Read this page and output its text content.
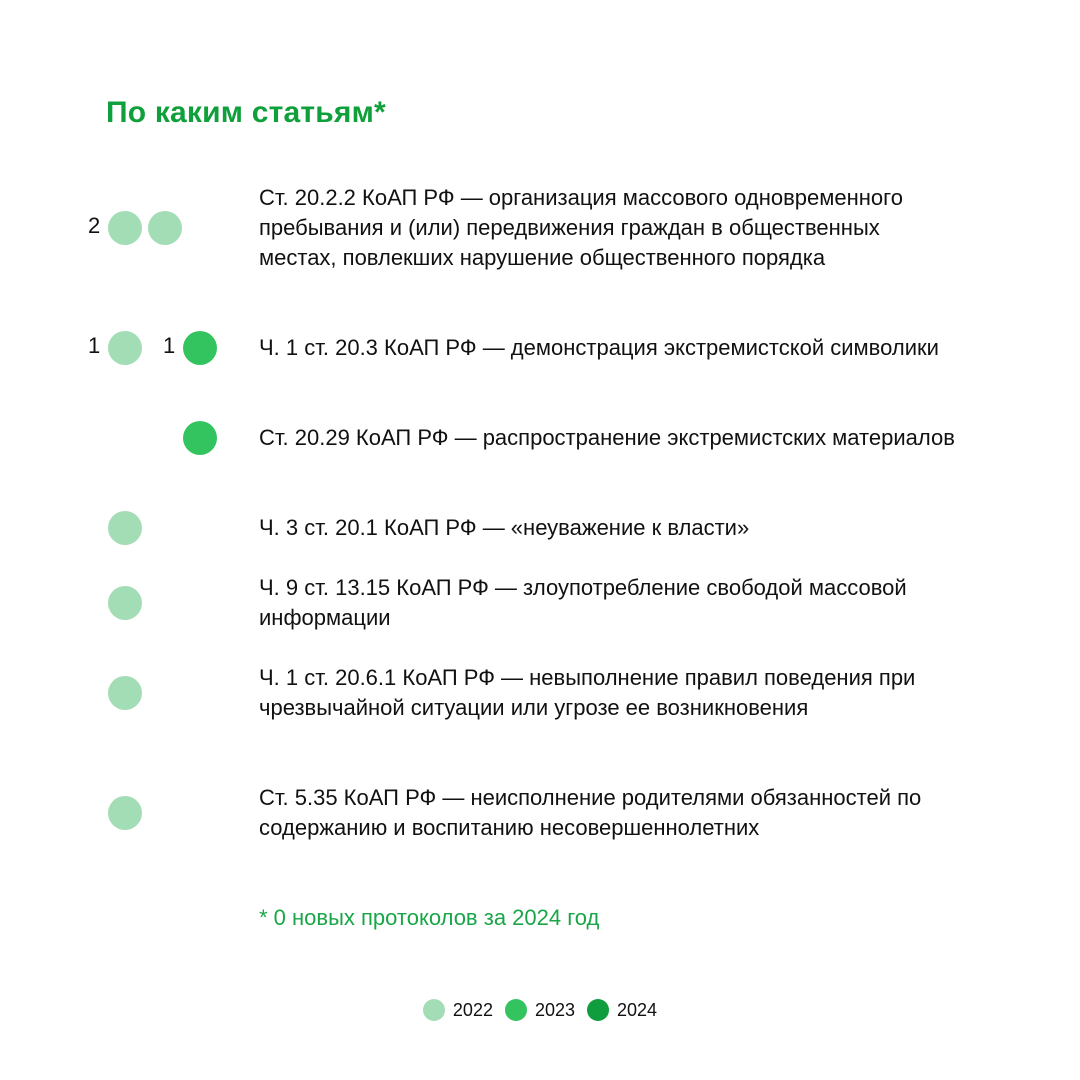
По каким статьям*
Ст. 20.2.2 КоАП РФ — организация массового одновременного пребывания и (или) передвижения граждан в общественных местах, повлекших нарушение общественного порядка
2
Ч. 1 ст. 20.3 КоАП РФ — демонстрация экстремистской символики
1	1
Ст. 20.29 КоАП РФ — распространение экстремистских материалов
Ч. 3 ст. 20.1 КоАП РФ — «неуважение к власти»
Ч. 9 ст. 13.15 КоАП РФ — злоупотребление свободой массовой информации
Ч. 1 ст. 20.6.1 КоАП РФ — невыполнение правил поведения при чрезвычайной ситуации или угрозе ее возникновения
Ст. 5.35 КоАП РФ — неисполнение родителями обязанностей по содержанию и воспитанию несовершеннолетних
* 0 новых протоколов за 2024 год
2022 2023 2024
